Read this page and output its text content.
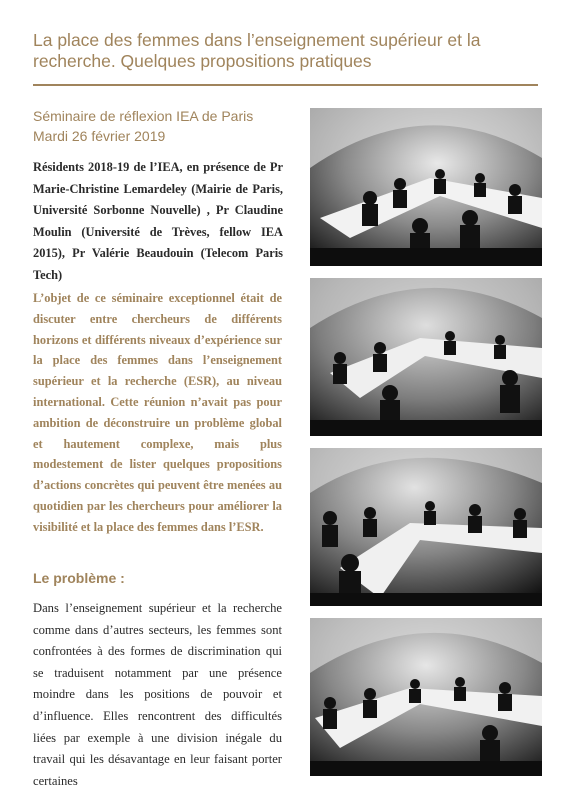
La place des femmes dans l’enseignement supérieur et la recherche. Quelques propositions pratiques
Séminaire de réflexion IEA de Paris
Mardi 26 février 2019
Résidents 2018-19 de l’IEA, en présence de Pr Marie-Christine Lemardeley (Mairie de Paris, Université Sorbonne Nouvelle) , Pr Claudine Moulin (Université de Trèves, fellow IEA 2015), Pr Valérie Beaudouin (Telecom Paris Tech)
L’objet de ce séminaire exceptionnel était de discuter entre chercheurs de différents horizons et différents niveaux d’expérience sur la place des femmes dans l’enseignement supérieur et la recherche (ESR), au niveau international. Cette réunion n’avait pas pour ambition de déconstruire un problème global et hautement complexe, mais plus modestement de lister quelques propositions d’actions concrètes qui peuvent être menées au quotidien par les chercheurs pour améliorer la visibilité et la place des femmes dans l’ESR.
Le problème :
Dans l’enseignement supérieur et la recherche comme dans d’autres secteurs, les femmes sont confrontées à des formes de discrimination qui se traduisent notamment par une présence moindre dans les positions de pouvoir et d’influence. Elles rencontrent des difficultés liées par exemple à une division inégale du travail qui les désavantage en leur faisant porter certaines
